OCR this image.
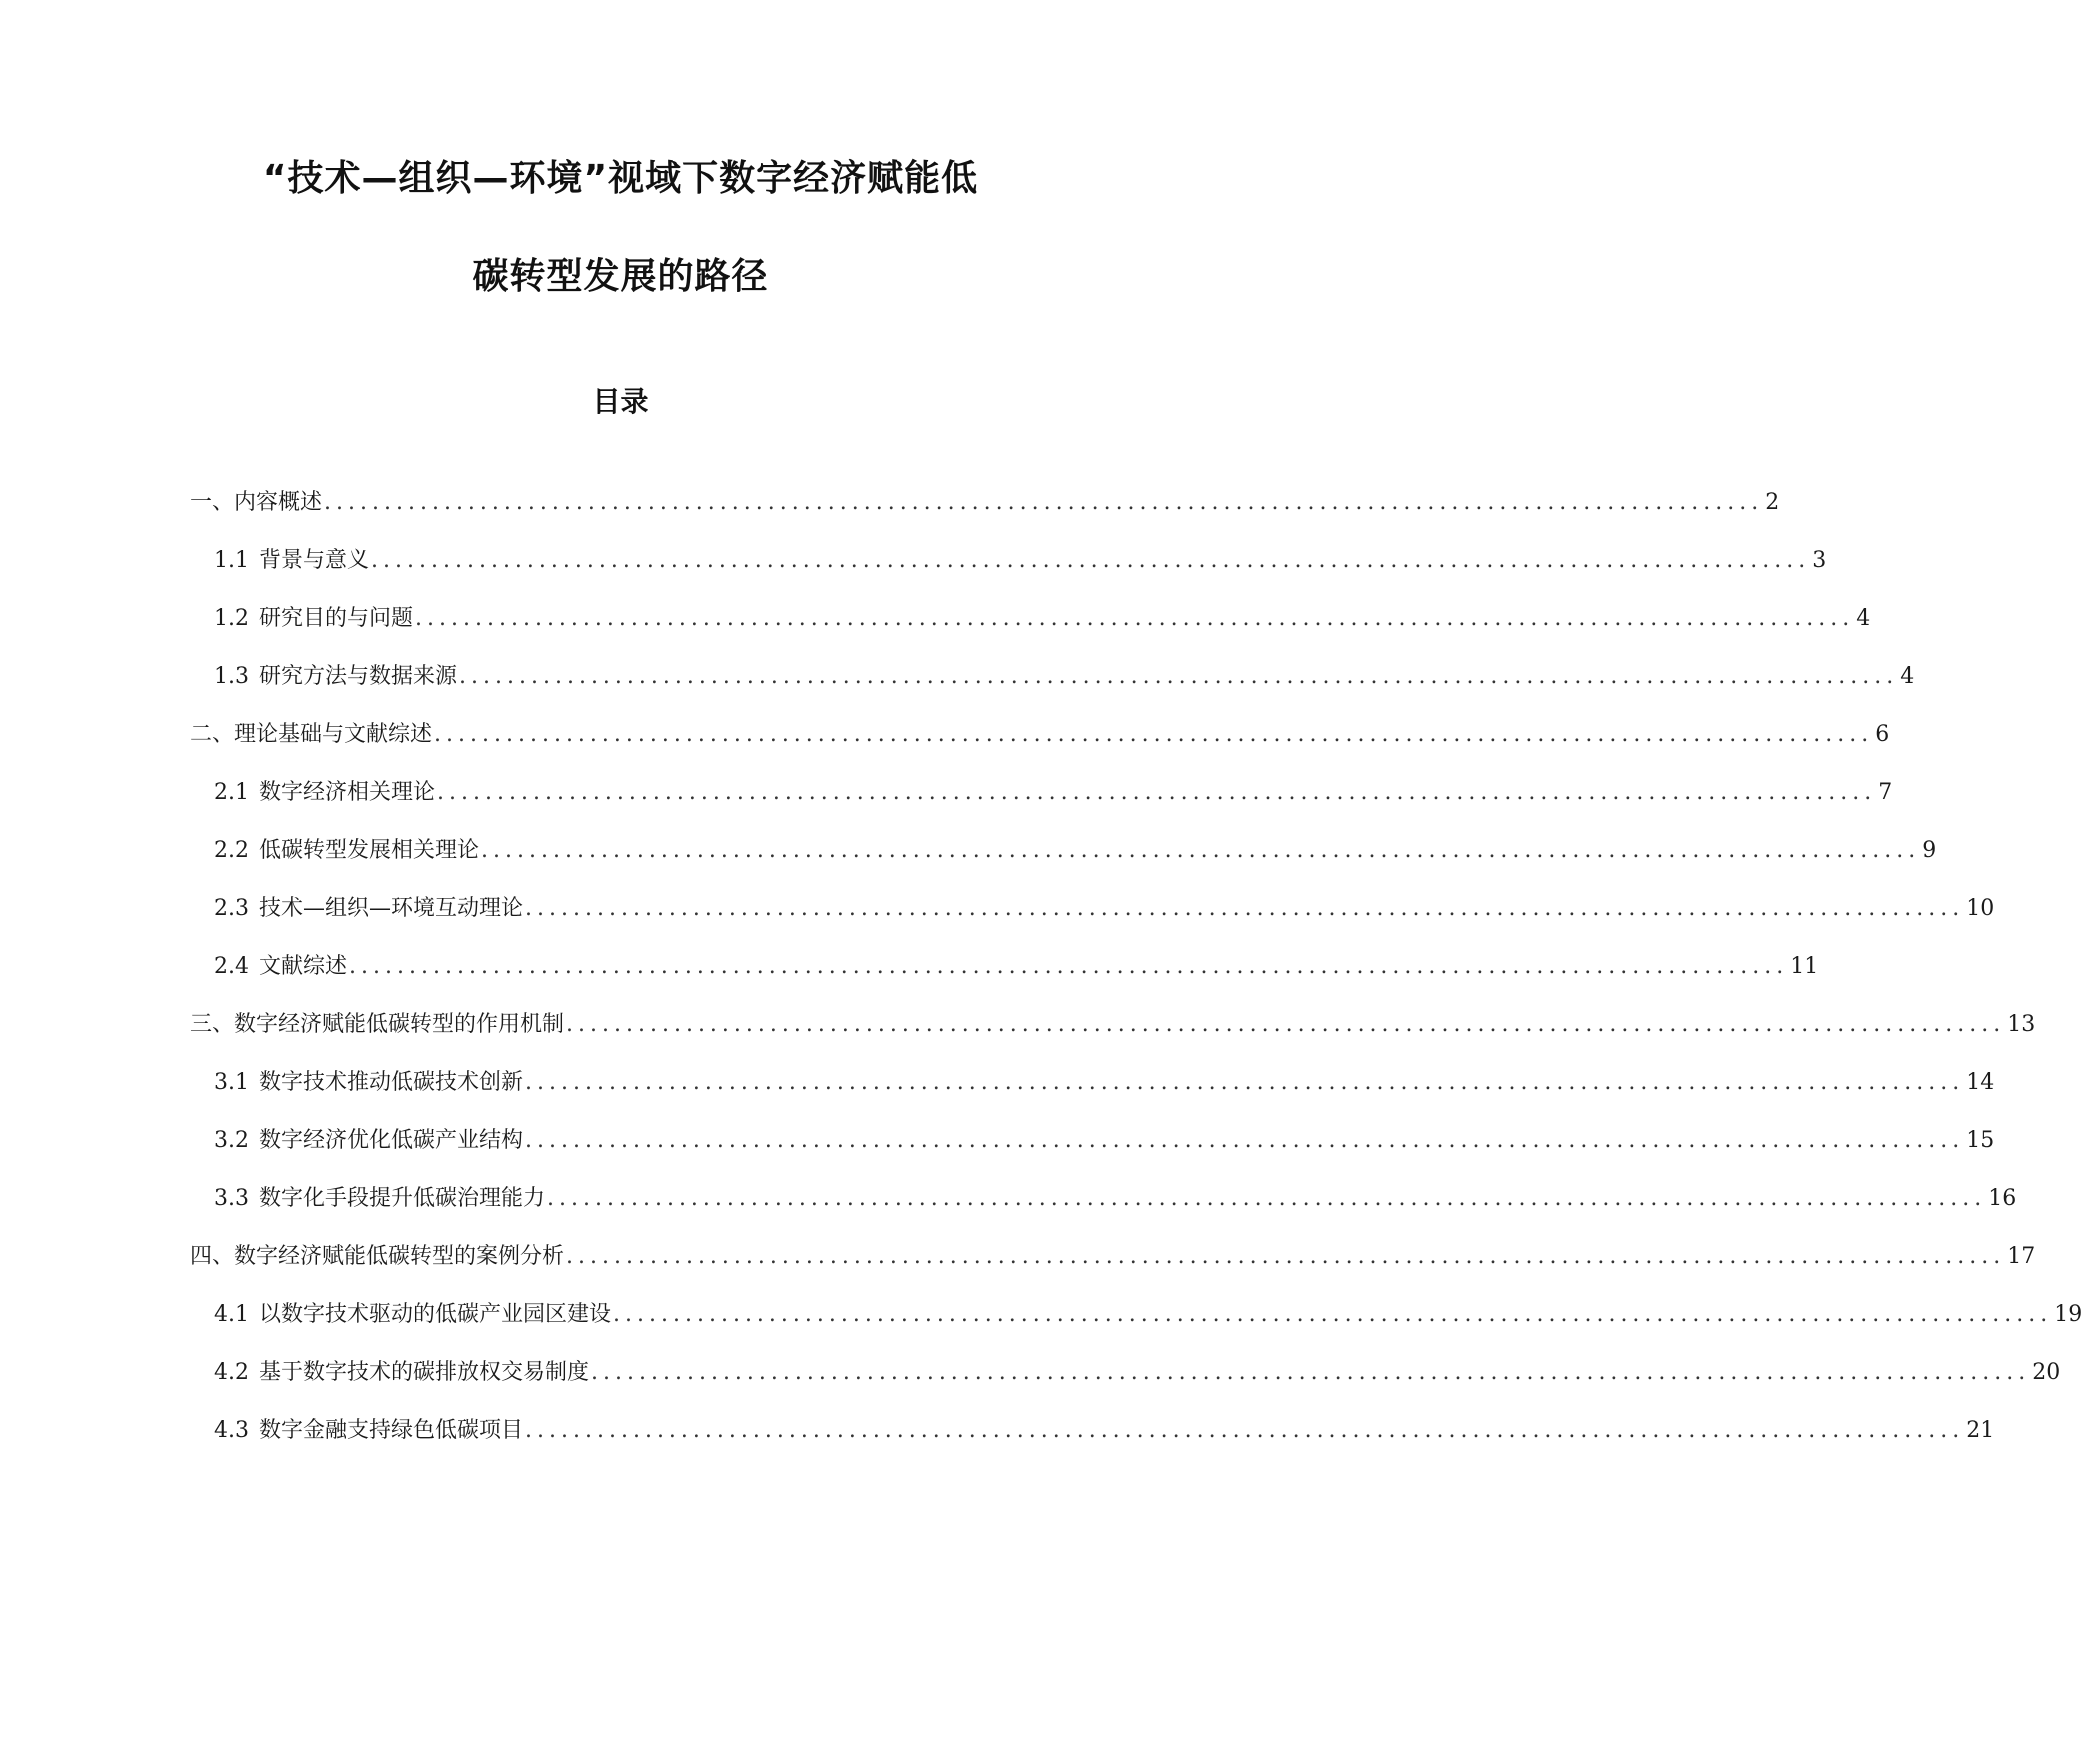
“技术—组织—环境”视域下数字经济赋能低
碳转型发展的路径
目录
一、内容概述 ........................................................................................................................ 2
1.1 背景与意义 ........................................................................................................................ 3
1.2 研究目的与问题 ........................................................................................................................ 4
1.3 研究方法与数据来源 ........................................................................................................................ 4
二、理论基础与文献综述 ........................................................................................................................ 6
2.1 数字经济相关理论 ........................................................................................................................ 7
2.2 低碳转型发展相关理论 ........................................................................................................................ 9
2.3 技术—组织—环境互动理论 ........................................................................................................................ 10
2.4 文献综述 ........................................................................................................................ 11
三、数字经济赋能低碳转型的作用机制 ........................................................................................................................ 13
3.1 数字技术推动低碳技术创新 ........................................................................................................................ 14
3.2 数字经济优化低碳产业结构 ........................................................................................................................ 15
3.3 数字化手段提升低碳治理能力 ........................................................................................................................ 16
四、数字经济赋能低碳转型的案例分析 ........................................................................................................................ 17
4.1 以数字技术驱动的低碳产业园区建设 ........................................................................................................................ 19
4.2 基于数字技术的碳排放权交易制度 ........................................................................................................................ 20
4.3 数字金融支持绿色低碳项目 ........................................................................................................................ 21
